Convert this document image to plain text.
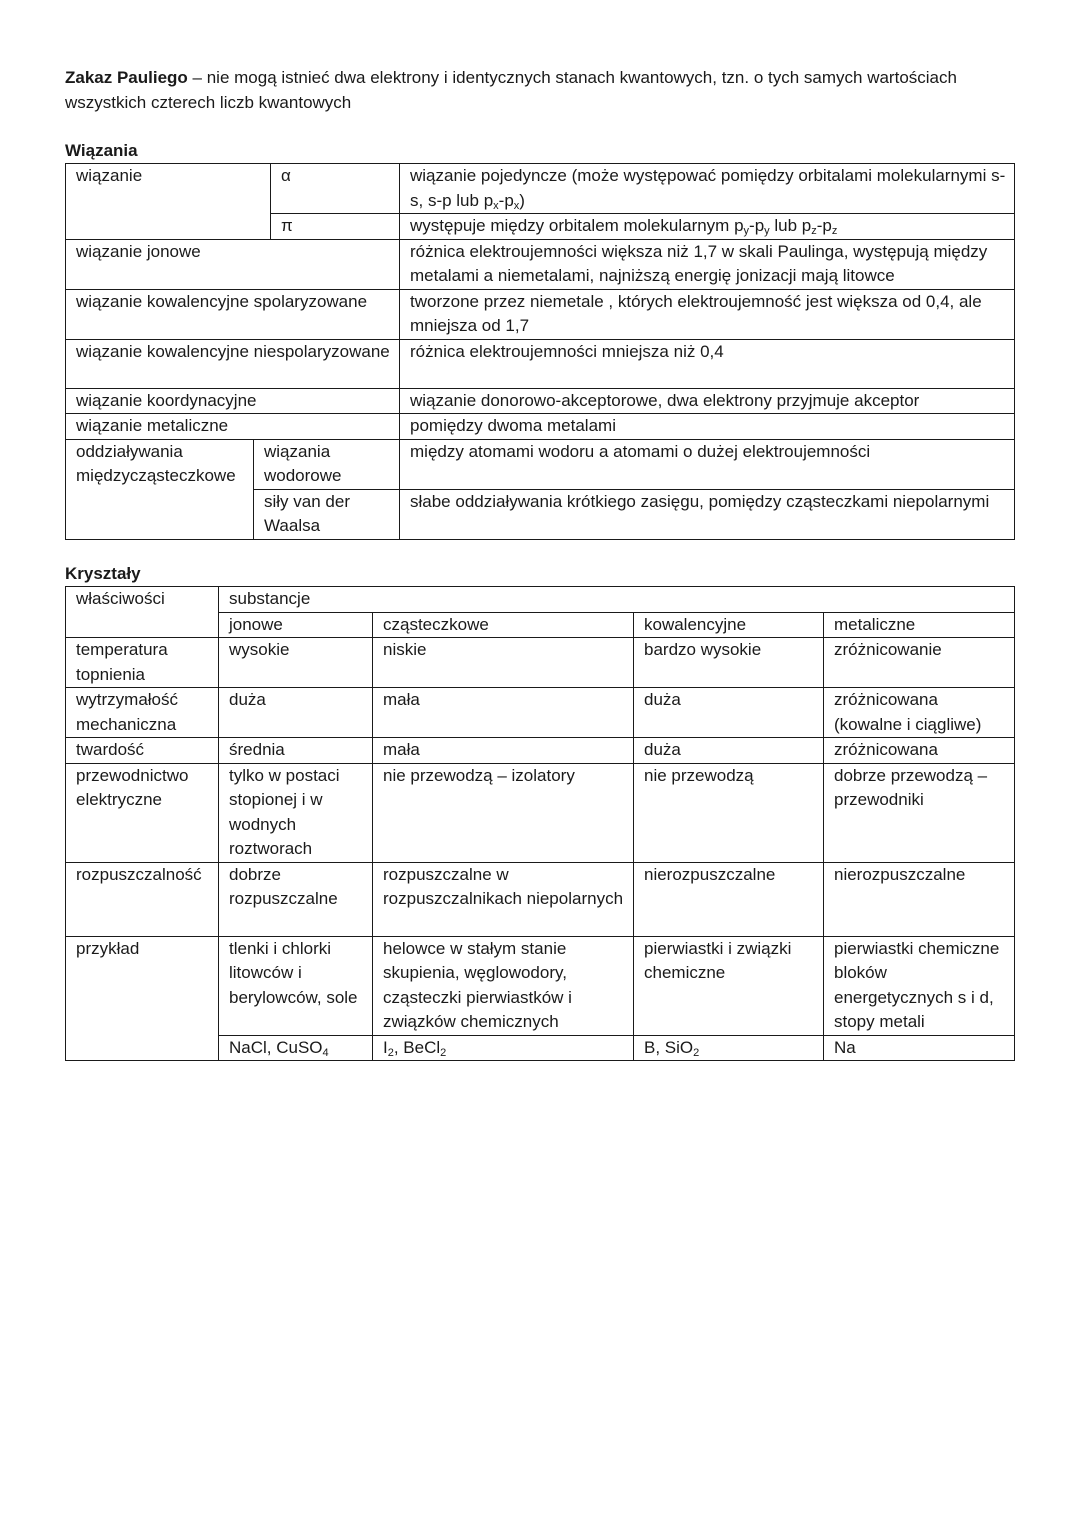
Zakaz Pauliego – nie mogą istnieć dwa elektrony i identycznych stanach kwantowych, tzn. o tych samych wartościach wszystkich czterech liczb kwantowych
Wiązania
wiązanie		α	wiązanie pojedyncze (może występować pomiędzy orbitalami molekularnymi s-s, s-p lub $p_x-p_x$)
		π	występuje między orbitalem molekularnym $p_y-p_y$ lub $p_z-p_z$
wiązanie jonowe			różnica elektroujemności większa niż 1,7 w skali Paulinga, występują między metalami a niemetalami, najniższą energię jonizacji mają litowce
wiązanie kowalencyjne spolaryzowane			tworzone przez niemetale , których elektroujemność jest większa od 0,4, ale mniejsza od 1,7
wiązanie kowalencyjne niespolaryzowane			różnica elektroujemności mniejsza niż 0,4
wiązanie koordynacyjne			wiązanie donorowo-akceptorowe, dwa elektrony przyjmuje akceptor
wiązanie metaliczne			pomiędzy dwoma metalami
oddziaływania międzycząsteczkowe	wiązania wodorowe		między atomami wodoru a atomami o dużej elektroujemności
	siły van der Waalsa		słabe oddziaływania krótkiego zasięgu, pomiędzy cząsteczkami niepolarnymi
Kryształy
właściwości	substancje			
	jonowe	cząsteczkowe	kowalencyjne	metaliczne
temperatura topnienia	wysokie	niskie	bardzo wysokie	zróżnicowanie
wytrzymałość mechaniczna	duża	mała	duża	zróżnicowana (kowalne i ciągliwe)
twardość	średnia	mała	duża	zróżnicowana
przewodnictwo elektryczne	tylko w postaci stopionej i w wodnych roztworach	nie przewodzą – izolatory	nie przewodzą	dobrze przewodzą – przewodniki
rozpuszczalność	dobrze rozpuszczalne	rozpuszczalne w rozpuszczalnikach niepolarnych	nierozpuszczalne	nierozpuszczalne
przykład	tlenki i chlorki litowców i berylowców, sole	helowce w stałym stanie skupienia, węglowodory, cząsteczki pierwiastków i związków chemicznych	pierwiastki i związki chemiczne	pierwiastki chemiczne bloków energetycznych s i d, stopy metali
	NaCl, CuSO$_4$	$I_2$, BeCl$_2$	B, SiO$_2$	Na
